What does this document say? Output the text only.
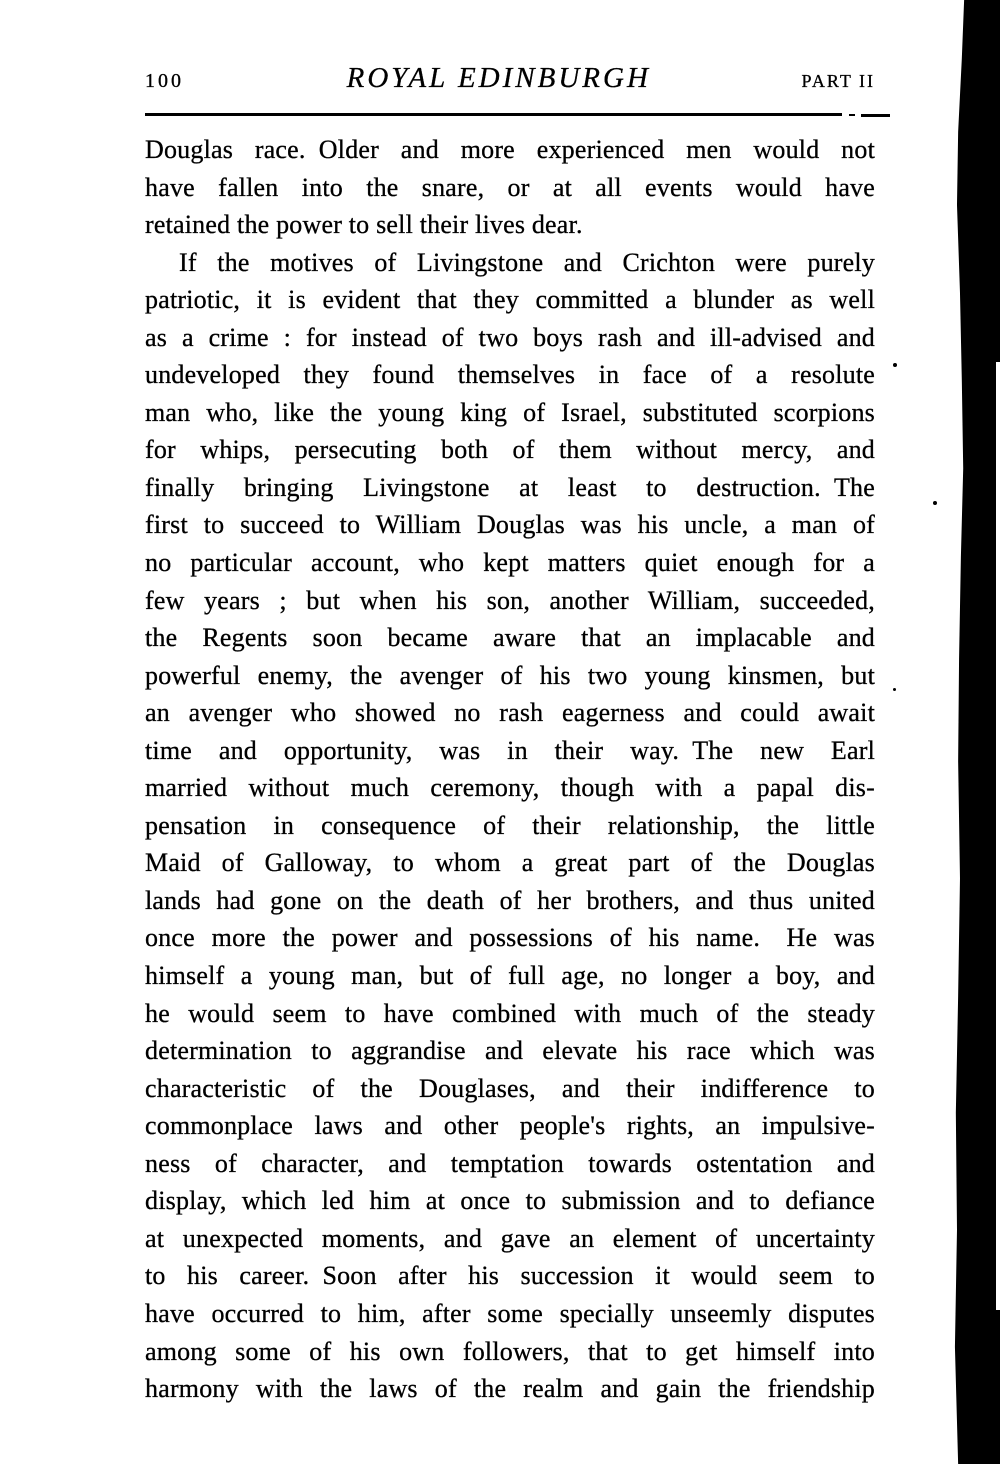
100	ROYAL EDINBURGH	PART II
Douglas race. Older and more experienced men would not
have fallen into the snare, or at all events would have
retained the power to sell their lives dear.
If the motives of Livingstone and Crichton were purely
patriotic, it is evident that they committed a blunder as well
as a crime : for instead of two boys rash and ill-advised and
undeveloped they found themselves in face of a resolute
man who, like the young king of Israel, substituted scorpions
for whips, persecuting both of them without mercy, and
finally bringing Livingstone at least to destruction. The
first to succeed to William Douglas was his uncle, a man of
no particular account, who kept matters quiet enough for a
few years ; but when his son, another William, succeeded,
the Regents soon became aware that an implacable and
powerful enemy, the avenger of his two young kinsmen, but
an avenger who showed no rash eagerness and could await
time and opportunity, was in their way. The new Earl
married without much ceremony, though with a papal dis-
pensation in consequence of their relationship, the little
Maid of Galloway, to whom a great part of the Douglas
lands had gone on the death of her brothers, and thus united
once more the power and possessions of his name.  He was
himself a young man, but of full age, no longer a boy, and
he would seem to have combined with much of the steady
determination to aggrandise and elevate his race which was
characteristic of the Douglases, and their indifference to
commonplace laws and other people's rights, an impulsive-
ness of character, and temptation towards ostentation and
display, which led him at once to submission and to defiance
at unexpected moments, and gave an element of uncertainty
to his career. Soon after his succession it would seem to
have occurred to him, after some specially unseemly disputes
among some of his own followers, that to get himself into
harmony with the laws of the realm and gain the friendship
